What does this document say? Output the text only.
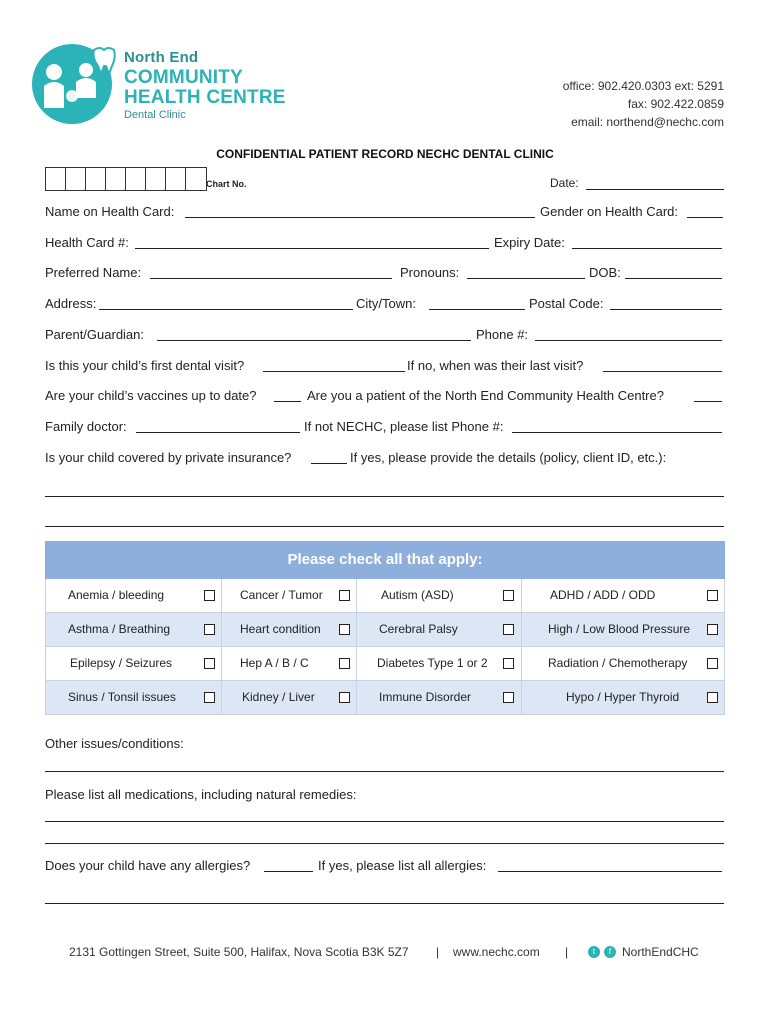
North End
COMMUNITY
HEALTH CENTRE
Dental Clinic
office: 902.420.0303 ext: 5291
fax: 902.422.0859
email: northend@nechc.com
CONFIDENTIAL PATIENT RECORD NECHC DENTAL CLINIC
Chart No.	Date:
Name on Health Card:	Gender on Health Card:
Health Card #:	Expiry Date:
Preferred Name:	Pronouns:	DOB:
Address:	City/Town:	Postal Code:
Parent/Guardian:	Phone #:
Is this your child’s first dental visit?	If no, when was their last visit?
Are your child’s vaccines up to date?	Are you a patient of the North End Community Health Centre?
Family doctor:	If not NECHC, please list Phone #:
Is your child covered by private insurance?	If yes, please provide the details (policy, client ID, etc.):
Please check all that apply:
Anemia / bleeding	Cancer / Tumor	Autism (ASD)	ADHD / ADD / ODD
Asthma / Breathing	Heart condition	Cerebral Palsy	High / Low Blood Pressure
Epilepsy / Seizures	Hep A / B / C	Diabetes Type 1 or 2	Radiation / Chemotherapy
Sinus / Tonsil issues	Kidney / Liver	Immune Disorder	Hypo / Hyper Thyroid
Other issues/conditions:
Please list all medications, including natural remedies:
Does your child have any allergies?	If yes, please list all allergies:
2131 Gottingen Street, Suite 500, Halifax, Nova Scotia B3K 5Z7 | www.nechc.com |	t	f NorthEndCHC
